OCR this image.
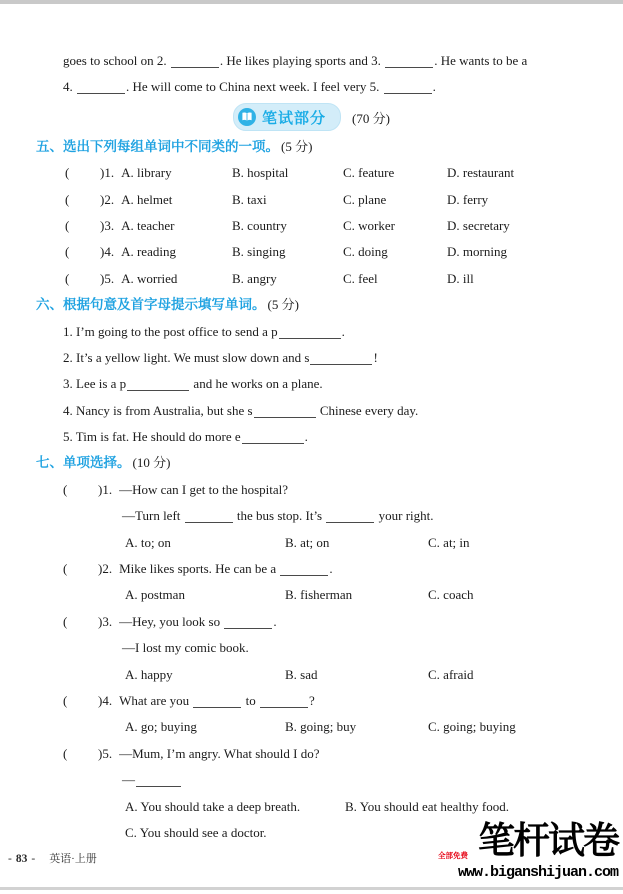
goes to school on 2.	. He likes playing sports and 3.	. He wants to be a
4.	. He will come to China next week. I feel very 5.	.
笔试部分 (70 分)
五、选出下列每组单词中不同类的一项。 (5 分)
( )1. A. library	B. hospital	C. feature	D. restaurant
( )2. A. helmet	B. taxi	C. plane	D. ferry
( )3. A. teacher	B. country	C. worker	D. secretary
( )4. A. reading	B. singing	C. doing	D. morning
( )5. A. worried	B. angry	C. feel	D. ill
六、根据句意及首字母提示填写单词。 (5 分)
1. I’m going to the post office to send a p	.
2. It’s a yellow light. We must slow down and s	!
3. Lee is a p	and he works on a plane.
4. Nancy is from Australia, but she s	Chinese every day.
5. Tim is fat. He should do more e	.
七、单项选择。 (10 分)
( )1. —How can I get to the hospital?
—Turn left	the bus stop. It’s	your right.
A. to; on	B. at; on	C. at; in
( )2. Mike likes sports. He can be a	.
A. postman	B. fisherman	C. coach
( )3. —Hey, you look so	.
—I lost my comic book.
A. happy	B. sad	C. afraid
( )4. What are you	to	?
A. go; buying	B. going; buy	C. going; buying
( )5. —Mum, I’m angry. What should I do?
—
A. You should take a deep breath.	B. You should eat healthy food.
C. You should see a doctor.
- 83 - 英语·上册	全部免费 笔杆试卷
www.biganshijuan.com
